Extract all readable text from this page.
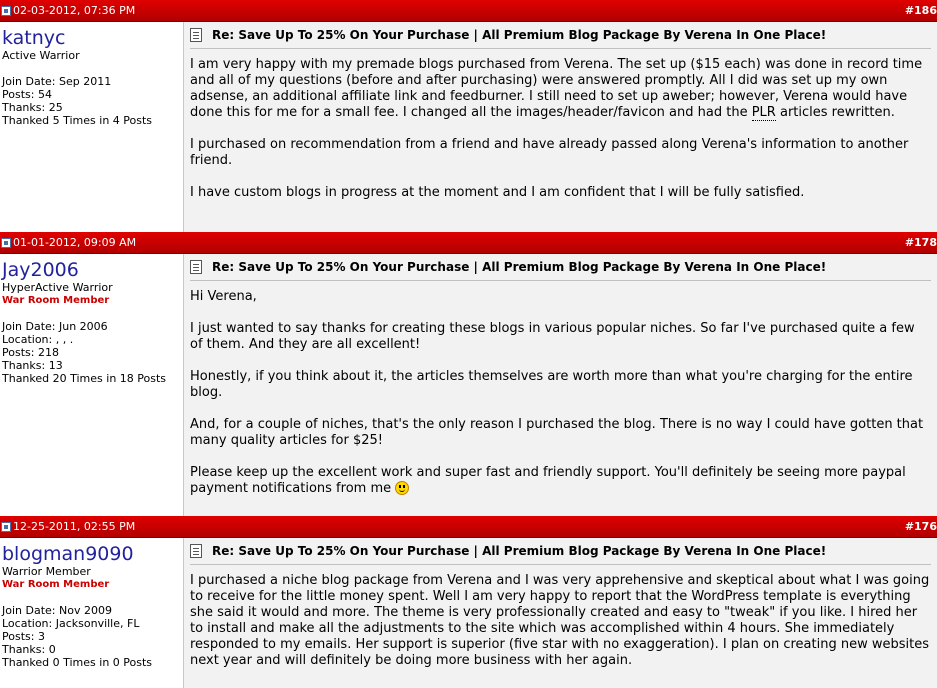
02-03-2012, 07:36 PM	#186
katnyc
Active Warrior
Join Date: Sep 2011
Posts: 54
Thanks: 25
Thanked 5 Times in 4 Posts
Re: Save Up To 25% On Your Purchase | All Premium Blog Package By Verena In One Place!

I am very happy with my premade blogs purchased from Verena. The set up ($15 each) was done in record time and all of my questions (before and after purchasing) were answered promptly. All I did was set up my own adsense, an additional affiliate link and feedburner. I still need to set up aweber; however, Verena would have done this for me for a small fee. I changed all the images/header/favicon and had the PLR articles rewritten.

I purchased on recommendation from a friend and have already passed along Verena's information to another friend.

I have custom blogs in progress at the moment and I am confident that I will be fully satisfied.

01-01-2012, 09:09 AM	#178
Jay2006
HyperActive Warrior
War Room Member
Join Date: Jun 2006
Location: , , .
Posts: 218
Thanks: 13
Thanked 20 Times in 18 Posts
Re: Save Up To 25% On Your Purchase | All Premium Blog Package By Verena In One Place!

Hi Verena,

I just wanted to say thanks for creating these blogs in various popular niches. So far I've purchased quite a few of them. And they are all excellent!

Honestly, if you think about it, the articles themselves are worth more than what you're charging for the entire blog.

And, for a couple of niches, that's the only reason I purchased the blog. There is no way I could have gotten that many quality articles for $25!

Please keep up the excellent work and super fast and friendly support. You'll definitely be seeing more paypal payment notifications from me

12-25-2011, 02:55 PM	#176
blogman9090
Warrior Member
War Room Member
Join Date: Nov 2009
Location: Jacksonville, FL
Posts: 3
Thanks: 0
Thanked 0 Times in 0 Posts
Re: Save Up To 25% On Your Purchase | All Premium Blog Package By Verena In One Place!

I purchased a niche blog package from Verena and I was very apprehensive and skeptical about what I was going to receive for the little money spent. Well I am very happy to report that the WordPress template is everything she said it would and more. The theme is very professionally created and easy to "tweak" if you like. I hired her to install and make all the adjustments to the site which was accomplished within 4 hours. She immediately responded to my emails. Her support is superior (five star with no exaggeration). I plan on creating new websites next year and will definitely be doing more business with her again.
